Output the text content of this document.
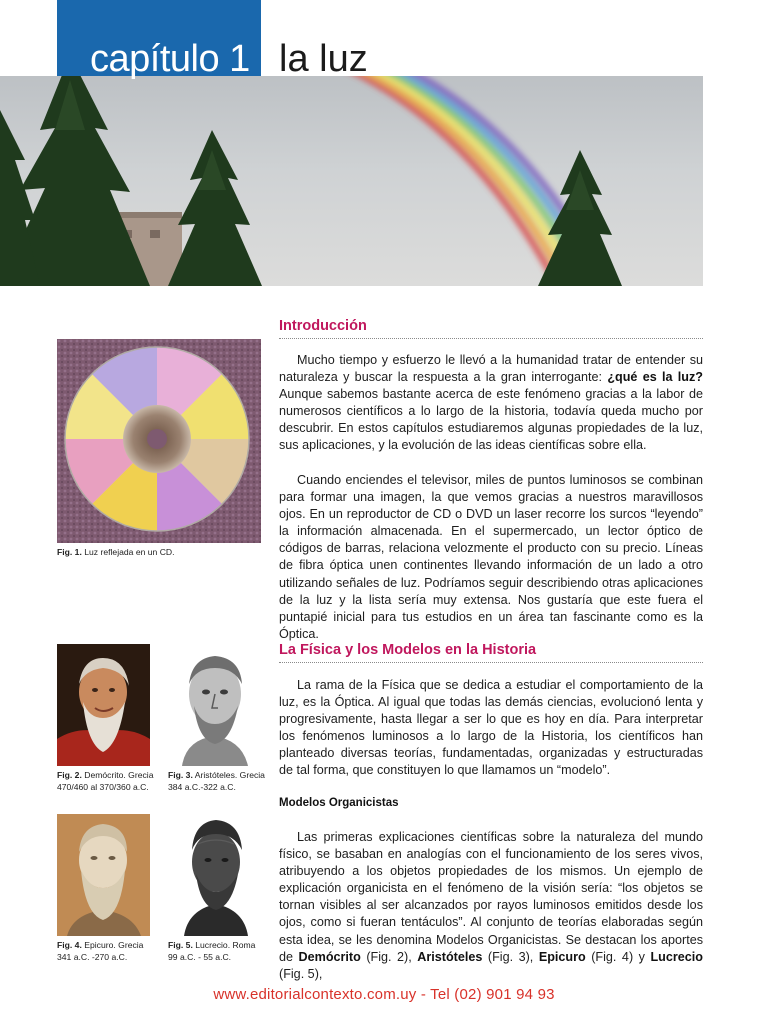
capítulo 1 la luz
Introducción

Mucho tiempo y esfuerzo le llevó a la humanidad tratar de entender su naturaleza y buscar la respuesta a la gran interrogante: ¿qué es la luz? Aunque sabemos bastante acerca de este fenómeno gracias a la labor de numerosos científicos a lo largo de la historia, todavía queda mucho por descubrir. En estos capítulos estudiaremos algunas propiedades de la luz, sus aplicaciones, y la evolución de las ideas científicas sobre ella.

Cuando enciendes el televisor, miles de puntos luminosos se combinan para formar una imagen, la que vemos gracias a nuestros maravillosos ojos. En un reproductor de CD o DVD un laser recorre los surcos “leyendo” la información almacenada. En el supermercado, un lector óptico de códigos de barras, relaciona velozmente el producto con su precio. Líneas de fibra óptica unen continentes llevando información de un lado a otro utilizando señales de luz. Podríamos seguir describiendo otras aplicaciones de la luz y la lista sería muy extensa. Nos gustaría que este fuera el puntapié inicial para tus estudios en un área tan fascinante como es la Óptica.

Fig. 1. Luz reflejada en un CD.
La Física y los Modelos en la Historia

La rama de la Física que se dedica a estudiar el comportamiento de la luz, es la Óptica. Al igual que todas las demás ciencias, evolucionó lenta y progresivamente, hasta llegar a ser lo que es hoy en día. Para interpretar los fenómenos luminosos a lo largo de la Historia, los científicos han planteado diversas teorías, fundamentadas, organizadas y estructuradas de tal forma, que constituyen lo que llamamos un “modelo”.

Modelos Organicistas

Las primeras explicaciones científicas sobre la naturaleza del mundo físico, se basaban en analogías con el funcionamiento de los seres vivos, atribuyendo a los objetos propiedades de los mismos. Un ejemplo de explicación organicista en el fenómeno de la visión sería: “los objetos se tornan visibles al ser alcanzados por rayos luminosos emitidos desde los ojos, como si fueran tentáculos”. Al conjunto de teorías elaboradas según esta idea, se les denomina Modelos Organicistas. Se destacan los aportes de Demócrito (Fig. 2), Aristóteles (Fig. 3), Epicuro (Fig. 4) y Lucrecio (Fig. 5),

Fig. 2. Demócrito. Grecia
470/460 al 370/360 a.C.
Fig. 3. Aristóteles. Grecia
384 a.C.-322 a.C.
Fig. 4. Epicuro. Grecia
341 a.C. -270 a.C.
Fig. 5. Lucrecio. Roma
99 a.C. - 55 a.C.
www.editorialcontexto.com.uy - Tel (02) 901 94 93
